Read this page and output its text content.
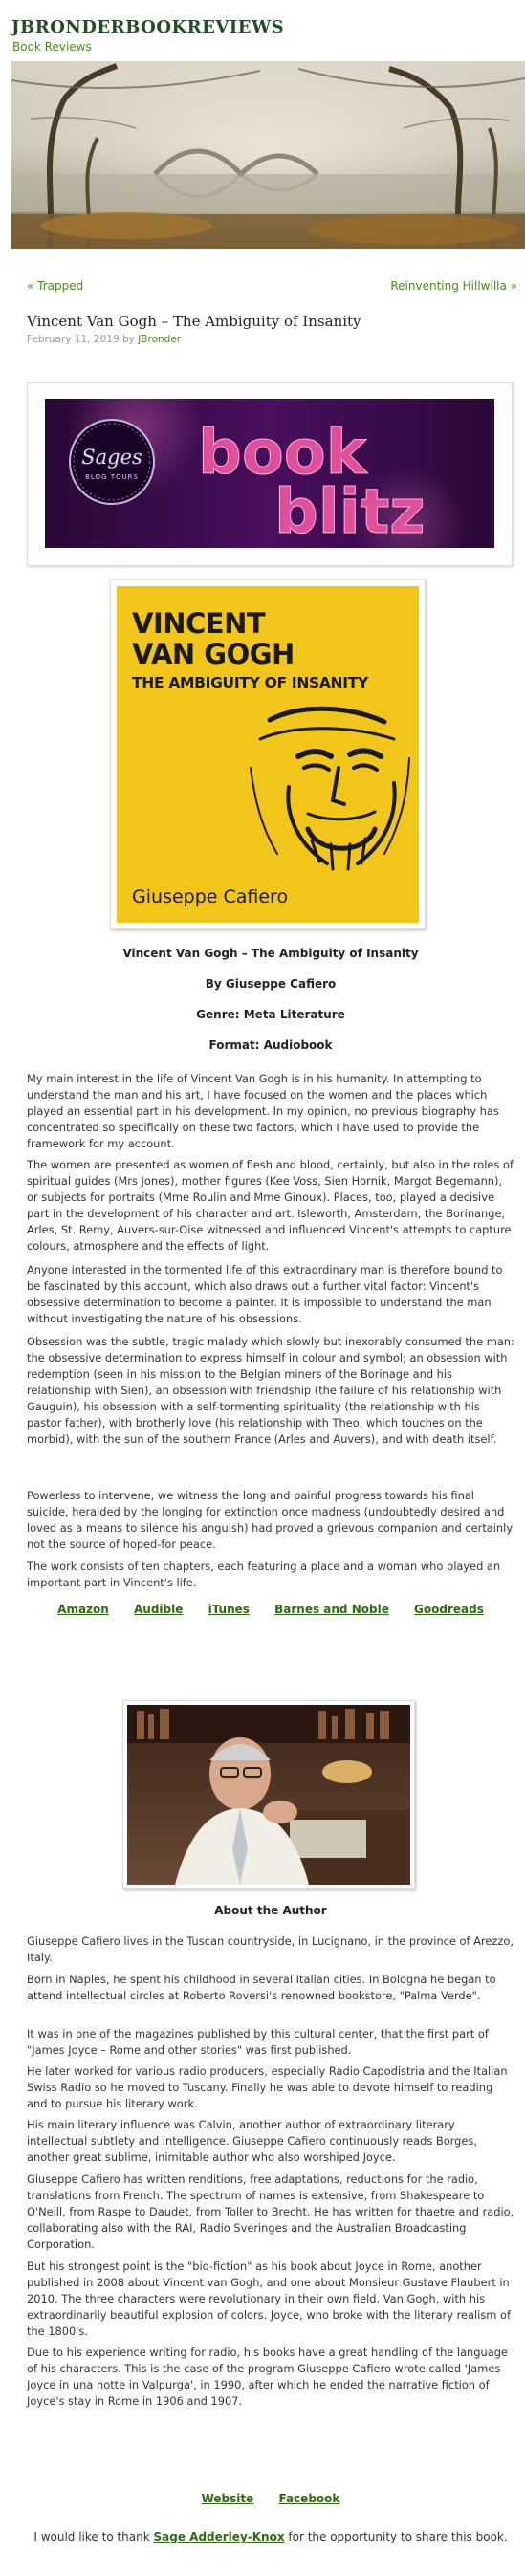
JBRONDERBOOKREVIEWS
Book Reviews
« Trapped	Reinventing Hillwilla »
Vincent Van Gogh – The Ambiguity of Insanity
February 11, 2019 by JBronder
Sages
BLOG TOURS book
blitz
VINCENT
VAN GOGH
THE AMBIGUITY OF INSANITY
Giuseppe Cafiero
Vincent Van Gogh – The Ambiguity of Insanity
By Giuseppe Cafiero
Genre: Meta Literature
Format: Audiobook

My main interest in the life of Vincent Van Gogh is in his humanity. In attempting to understand the man and his art, I have focused on the women and the places which played an essential part in his development. In my opinion, no previous biography has concentrated so specifically on these two factors, which I have used to provide the framework for my account.

The women are presented as women of flesh and blood, certainly, but also in the roles of spiritual guides (Mrs Jones), mother figures (Kee Voss, Sien Hornik, Margot Begemann), or subjects for portraits (Mme Roulin and Mme Ginoux). Places, too, played a decisive part in the development of his character and art. Isleworth, Amsterdam, the Borinange, Arles, St. Remy, Auvers-sur-Oise witnessed and influenced Vincent's attempts to capture colours, atmosphere and the effects of light.

Anyone interested in the tormented life of this extraordinary man is therefore bound to be fascinated by this account, which also draws out a further vital factor: Vincent's obsessive determination to become a painter. It is impossible to understand the man without investigating the nature of his obsessions.

Obsession was the subtle, tragic malady which slowly but inexorably consumed the man: the obsessive determination to express himself in colour and symbol; an obsession with redemption (seen in his mission to the Belgian miners of the Borinage and his relationship with Sien), an obsession with friendship (the failure of his relationship with Gauguin), his obsession with a self-tormenting spirituality (the relationship with his pastor father), with brotherly love (his relationship with Theo, which touches on the morbid), with the sun of the southern France (Arles and Auvers), and with death itself.

Powerless to intervene, we witness the long and painful progress towards his final suicide, heralded by the longing for extinction once madness (undoubtedly desired and loved as a means to silence his anguish) had proved a grievous companion and certainly not the source of hoped-for peace.

The work consists of ten chapters, each featuring a place and a woman who played an important part in Vincent's life.

Amazon Audible iTunes Barnes and Noble Goodreads
About the Author

Giuseppe Cafiero lives in the Tuscan countryside, in Lucignano, in the province of Arezzo, Italy.

Born in Naples, he spent his childhood in several Italian cities. In Bologna he began to attend intellectual circles at Roberto Roversi's renowned bookstore, "Palma Verde".

It was in one of the magazines published by this cultural center, that the first part of "James Joyce – Rome and other stories" was first published.

He later worked for various radio producers, especially Radio Capodistria and the Italian Swiss Radio so he moved to Tuscany. Finally he was able to devote himself to reading and to pursue his literary work.

His main literary influence was Calvin, another author of extraordinary literary intellectual subtlety and intelligence. Giuseppe Cafiero continuously reads Borges, another great sublime, inimitable author who also worshiped Joyce.

Giuseppe Cafiero has written renditions, free adaptations, reductions for the radio, translations from French. The spectrum of names is extensive, from Shakespeare to O'Neill, from Raspe to Daudet, from Toller to Brecht. He has written for thaetre and radio, collaborating also with the RAI, Radio Sveringes and the Australian Broadcasting Corporation.

But his strongest point is the "bio-fiction" as his book about Joyce in Rome, another published in 2008 about Vincent van Gogh, and one about Monsieur Gustave Flaubert in 2010. The three characters were revolutionary in their own field. Van Gogh, with his extraordinarily beautiful explosion of colors. Joyce, who broke with the literary realism of the 1800's.

Due to his experience writing for radio, his books have a great handling of the language of his characters. This is the case of the program Giuseppe Cafiero wrote called 'James Joyce in una notte in Valpurga', in 1990, after which he ended the narrative fiction of Joyce's stay in Rome in 1906 and 1907.

Website Facebook
I would like to thank Sage Adderley-Knox for the opportunity to share this book.
